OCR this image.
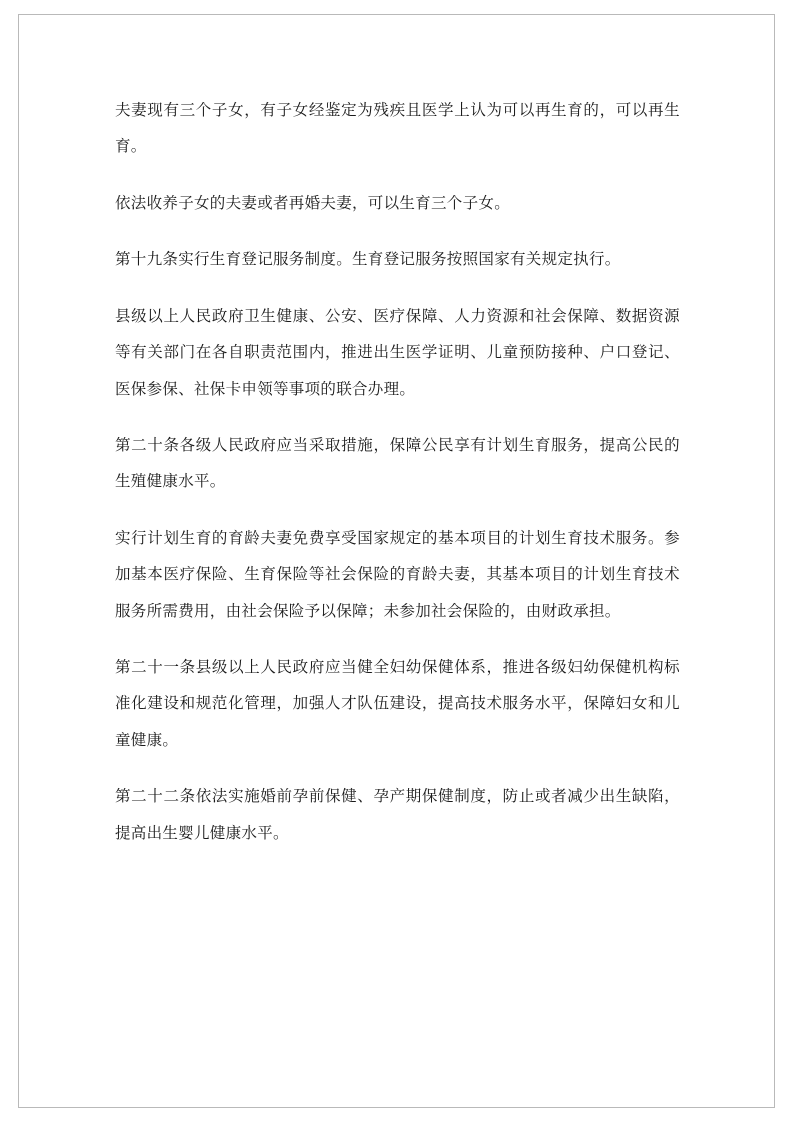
夫妻现有三个子女，有子女经鉴定为残疾且医学上认为可以再生育的，可以再生育。

依法收养子女的夫妻或者再婚夫妻，可以生育三个子女。

第十九条实行生育登记服务制度。生育登记服务按照国家有关规定执行。

县级以上人民政府卫生健康、公安、医疗保障、人力资源和社会保障、数据资源等有关部门在各自职责范围内，推进出生医学证明、儿童预防接种、户口登记、医保参保、社保卡申领等事项的联合办理。

第二十条各级人民政府应当采取措施，保障公民享有计划生育服务，提高公民的生殖健康水平。

实行计划生育的育龄夫妻免费享受国家规定的基本项目的计划生育技术服务。参加基本医疗保险、生育保险等社会保险的育龄夫妻，其基本项目的计划生育技术服务所需费用，由社会保险予以保障；未参加社会保险的，由财政承担。

第二十一条县级以上人民政府应当健全妇幼保健体系，推进各级妇幼保健机构标准化建设和规范化管理，加强人才队伍建设，提高技术服务水平，保障妇女和儿童健康。

第二十二条依法实施婚前孕前保健、孕产期保健制度，防止或者减少出生缺陷，提高出生婴儿健康水平。
